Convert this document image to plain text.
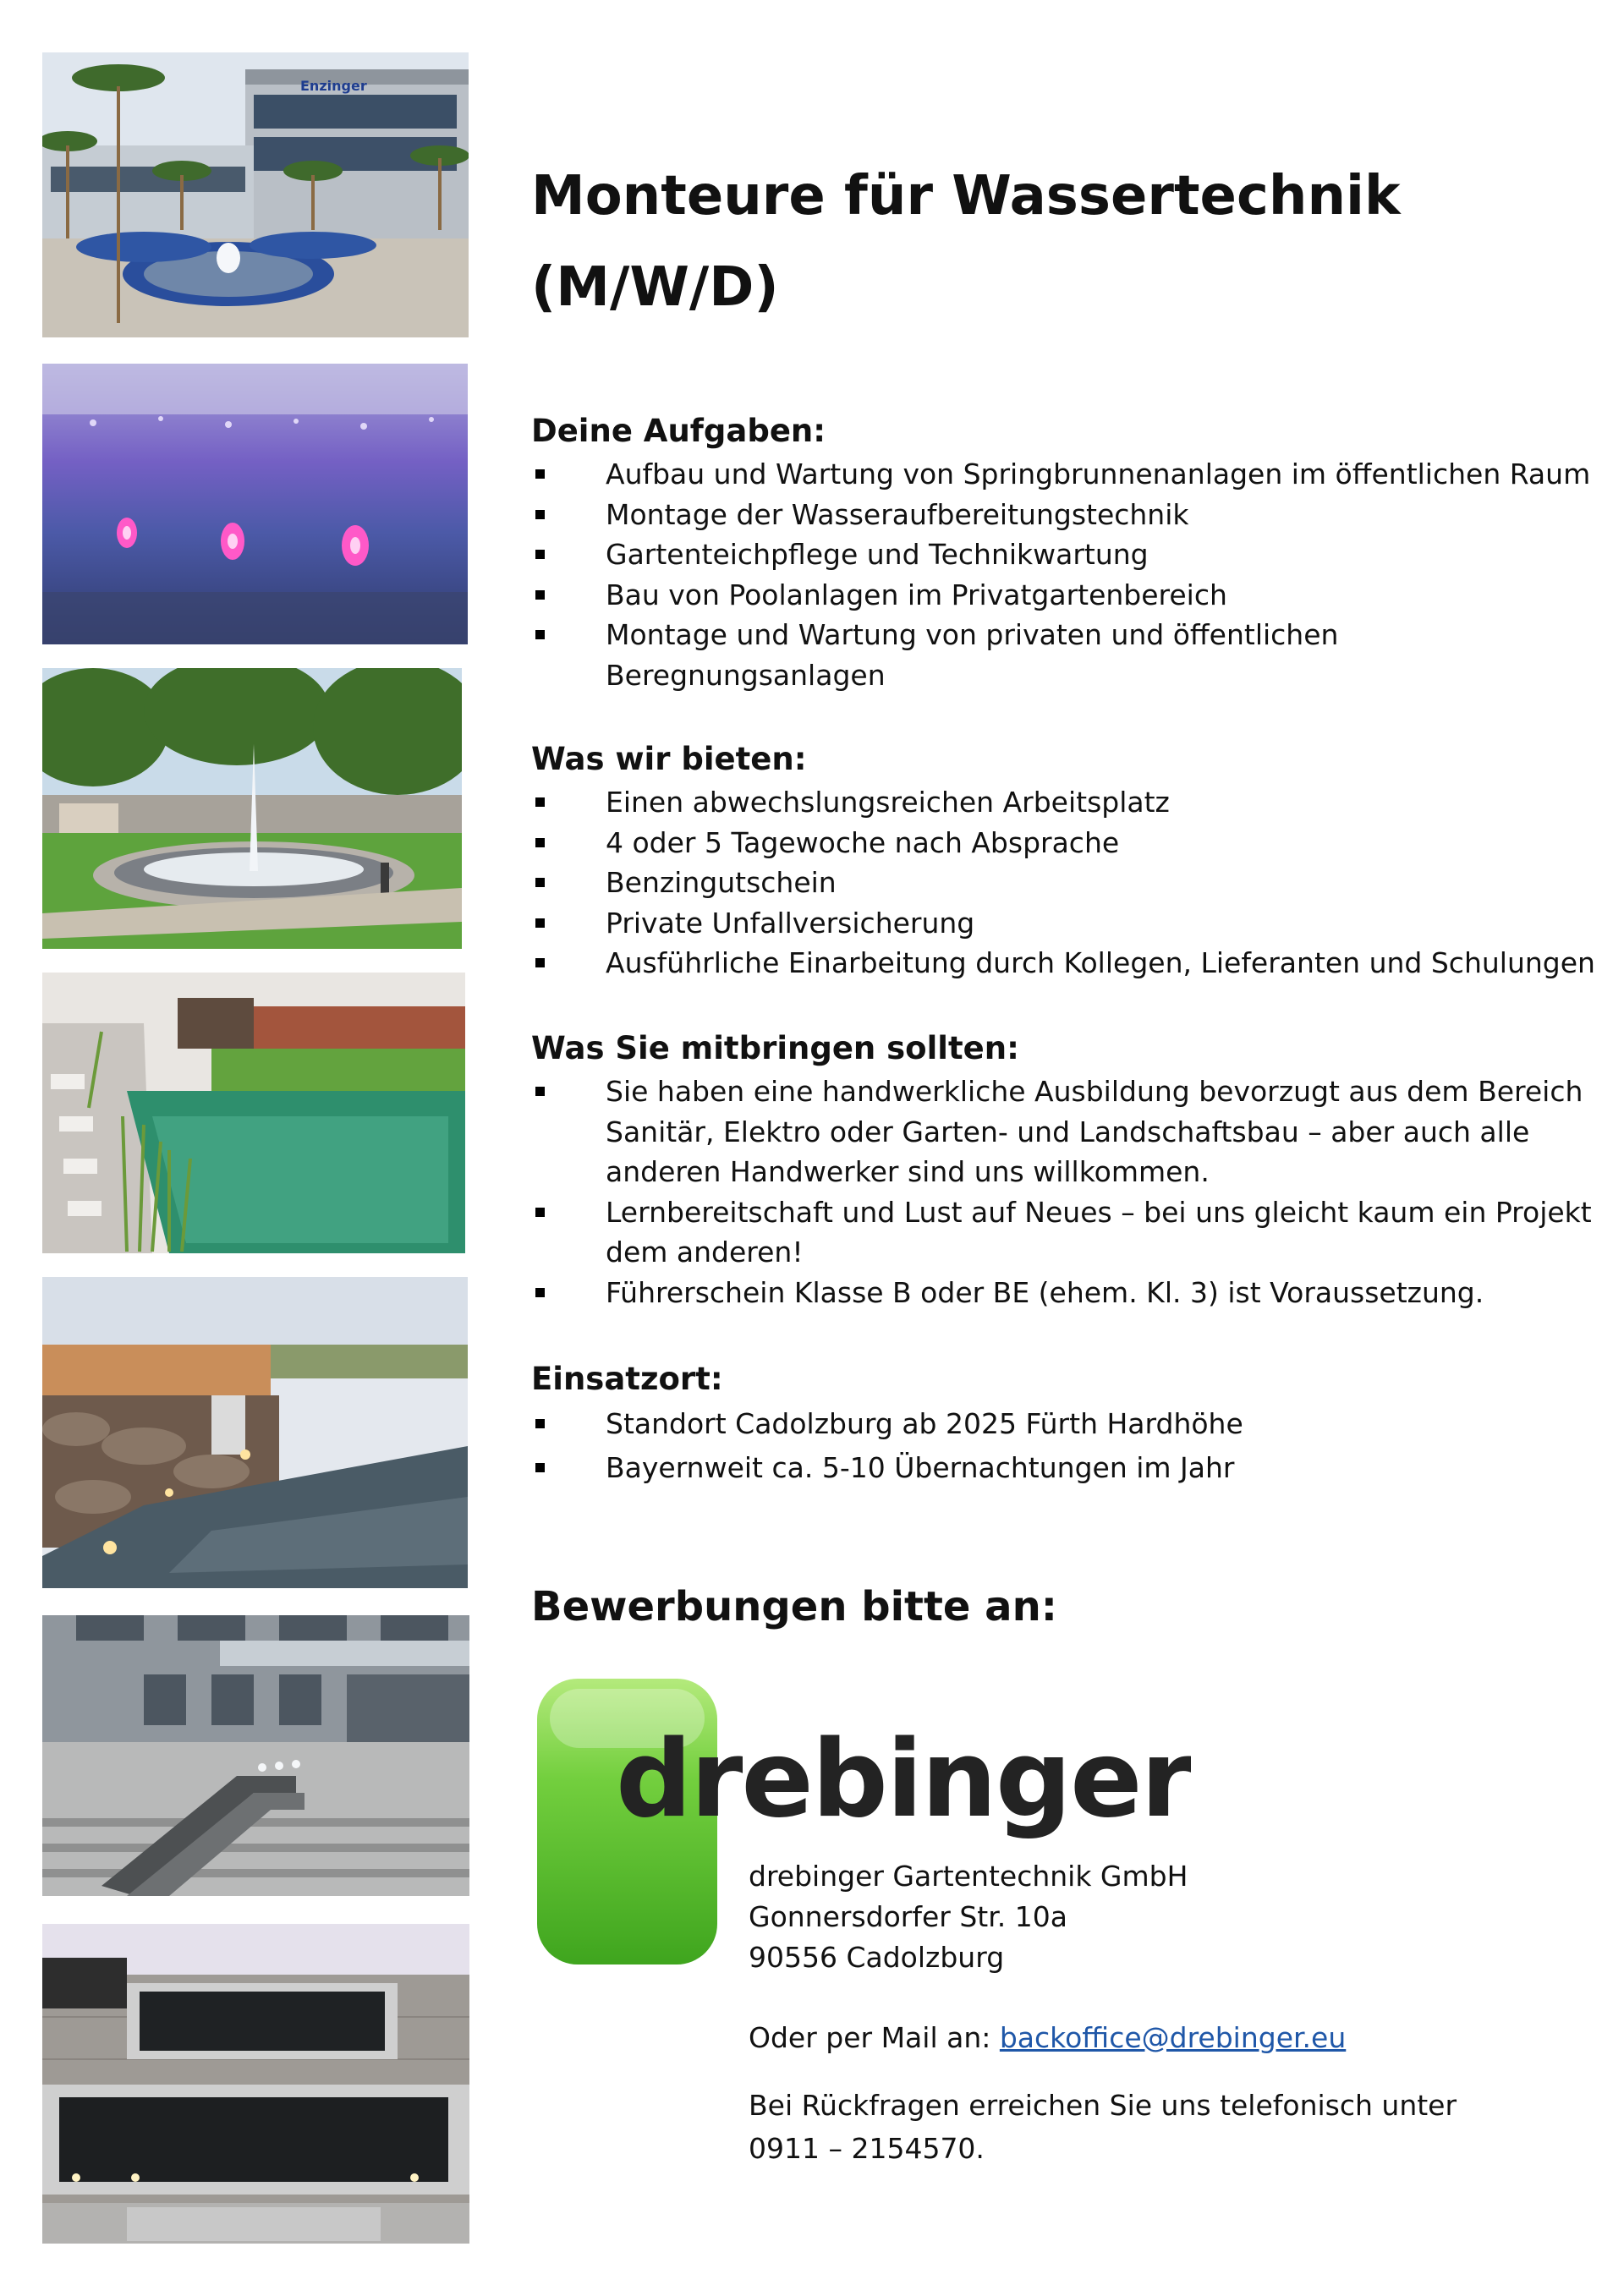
Enzinger
Monteure für Wassertechnik
(M/W/D)
Deine Aufgaben:
Aufbau und Wartung von Springbrunnenanlagen im öffentlichen Raum
Montage der Wasseraufbereitungstechnik
Gartenteichpflege und Technikwartung
Bau von Poolanlagen im Privatgartenbereich
Montage und Wartung von privaten und öffentlichen
Beregnungsanlagen
Was wir bieten:
Einen abwechslungsreichen Arbeitsplatz
4 oder 5 Tagewoche nach Absprache
Benzingutschein
Private Unfallversicherung
Ausführliche Einarbeitung durch Kollegen, Lieferanten und Schulungen
Was Sie mitbringen sollten:
Sie haben eine handwerkliche Ausbildung bevorzugt aus dem Bereich
Sanitär, Elektro oder Garten- und Landschaftsbau – aber auch alle
anderen Handwerker sind uns willkommen.
Lernbereitschaft und Lust auf Neues – bei uns gleicht kaum ein Projekt
dem anderen!
Führerschein Klasse B oder BE (ehem. Kl. 3) ist Voraussetzung.
Einsatzort:
Standort Cadolzburg ab 2025 Fürth Hardhöhe
Bayernweit ca. 5-10 Übernachtungen im Jahr
Bewerbungen bitte an:
drebinger
drebinger Gartentechnik GmbH
Gonnersdorfer Str. 10a
90556 Cadolzburg
Oder per Mail an: backoffice@drebinger.eu
Bei Rückfragen erreichen Sie uns telefonisch unter
0911 – 2154570.
